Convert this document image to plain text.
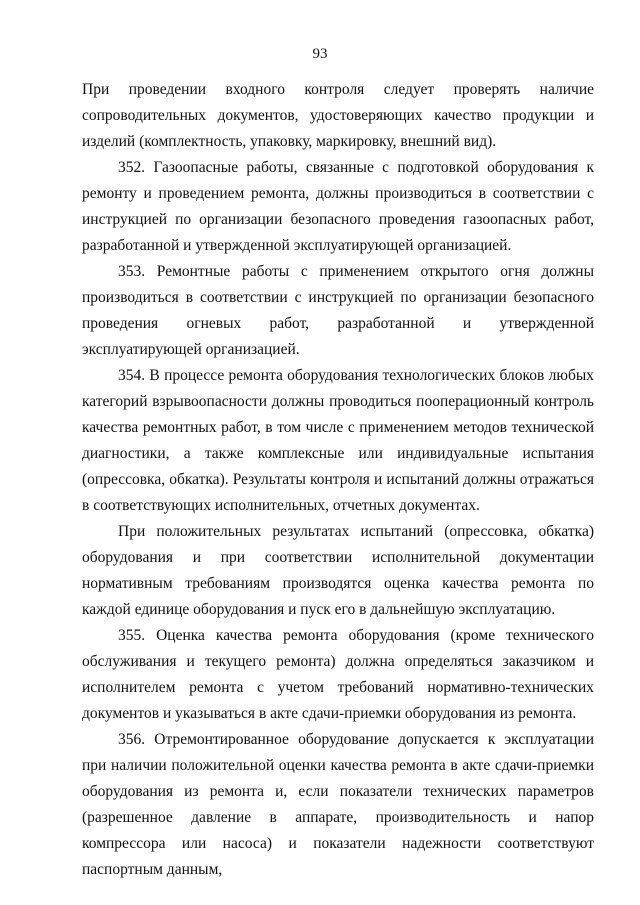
93

При проведении входного контроля следует проверять наличие сопроводительных документов, удостоверяющих качество продукции и изделий (комплектность, упаковку, маркировку, внешний вид).

352. Газоопасные работы, связанные с подготовкой оборудования к ремонту и проведением ремонта, должны производиться в соответствии с инструкцией по организации безопасного проведения газоопасных работ, разработанной и утвержденной эксплуатирующей организацией.

353. Ремонтные работы с применением открытого огня должны производиться в соответствии с инструкцией по организации безопасного проведения огневых работ, разработанной и утвержденной эксплуатирующей организацией.

354. В процессе ремонта оборудования технологических блоков любых категорий взрывоопасности должны проводиться пооперационный контроль качества ремонтных работ, в том числе с применением методов технической диагностики, а также комплексные или индивидуальные испытания (опрессовка, обкатка). Результаты контроля и испытаний должны отражаться в соответствующих исполнительных, отчетных документах.

При положительных результатах испытаний (опрессовка, обкатка) оборудования и при соответствии исполнительной документации нормативным требованиям производятся оценка качества ремонта по каждой единице оборудования и пуск его в дальнейшую эксплуатацию.

355. Оценка качества ремонта оборудования (кроме технического обслуживания и текущего ремонта) должна определяться заказчиком и исполнителем ремонта с учетом требований нормативно-технических документов и указываться в акте сдачи-приемки оборудования из ремонта.

356. Отремонтированное оборудование допускается к эксплуатации при наличии положительной оценки качества ремонта в акте сдачи-приемки оборудования из ремонта и, если показатели технических параметров (разрешенное давление в аппарате, производительность и напор компрессора или насоса) и показатели надежности соответствуют паспортным данным,
